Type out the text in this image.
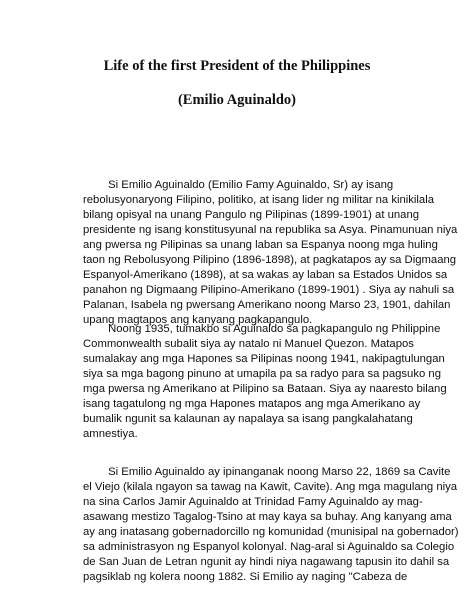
Life of the first President of the Philippines
(Emilio Aguinaldo)
Si Emilio Aguinaldo (Emilio Famy Aguinaldo, Sr) ay isang
rebolusyonaryong Filipino, politiko, at isang lider ng militar na kinikilala
bilang opisyal na unang Pangulo ng Pilipinas (1899-1901) at unang
presidente ng isang konstitusyunal na republika sa Asya. Pinamunuan niya
ang pwersa ng Pilipinas sa unang laban sa Espanya noong mga huling
taon ng Rebolusyong Pilipino (1896-1898), at pagkatapos ay sa Digmaang
Espanyol-Amerikano (1898), at sa wakas ay laban sa Estados Unidos sa
panahon ng Digmaang Pilipino-Amerikano (1899-1901) . Siya ay nahuli sa
Palanan, Isabela ng pwersang Amerikano noong Marso 23, 1901, dahilan
upang magtapos ang kanyang pagkapangulo.
Noong 1935, tumakbo si Aguinaldo sa pagkapangulo ng Philippine
Commonwealth subalit siya ay natalo ni Manuel Quezon. Matapos
sumalakay ang mga Hapones sa Pilipinas noong 1941, nakipagtulungan
siya sa mga bagong pinuno at umapila pa sa radyo para sa pagsuko ng
mga pwersa ng Amerikano at Pilipino sa Bataan. Siya ay naaresto bilang
isang tagatulong ng mga Hapones matapos ang mga Amerikano ay
bumalik ngunit sa kalaunan ay napalaya sa isang pangkalahatang
amnestiya.
Si Emilio Aguinaldo ay ipinanganak noong Marso 22, 1869 sa Cavite
el Viejo (kilala ngayon sa tawag na Kawit, Cavite). Ang mga magulang niya
na sina Carlos Jamir Aguinaldo at Trinidad Famy Aguinaldo ay mag-
asawang mestizo Tagalog-Tsino at may kaya sa buhay. Ang kanyang ama
ay ang inatasang gobernadorcillo ng komunidad (munisipal na gobernador)
sa administrasyon ng Espanyol kolonyal. Nag-aral si Aguinaldo sa Colegio
de San Juan de Letran ngunit ay hindi niya nagawang tapusin ito dahil sa
pagsiklab ng kolera noong 1882. Si Emilio ay naging "Cabeza de
